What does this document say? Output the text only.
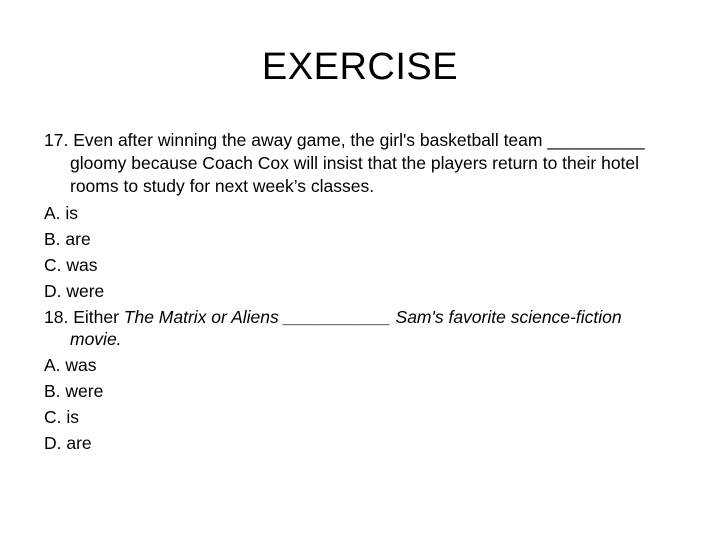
EXERCISE
17. Even after winning the away game, the girl's basketball team __________ gloomy because Coach Cox will insist that the players return to their hotel rooms to study for next week’s classes.
A. is
B. are
C. was
D. were
18. Either The Matrix or Aliens ___________ Sam's favorite science-fiction movie.
A. was
B. were
C. is
D. are
